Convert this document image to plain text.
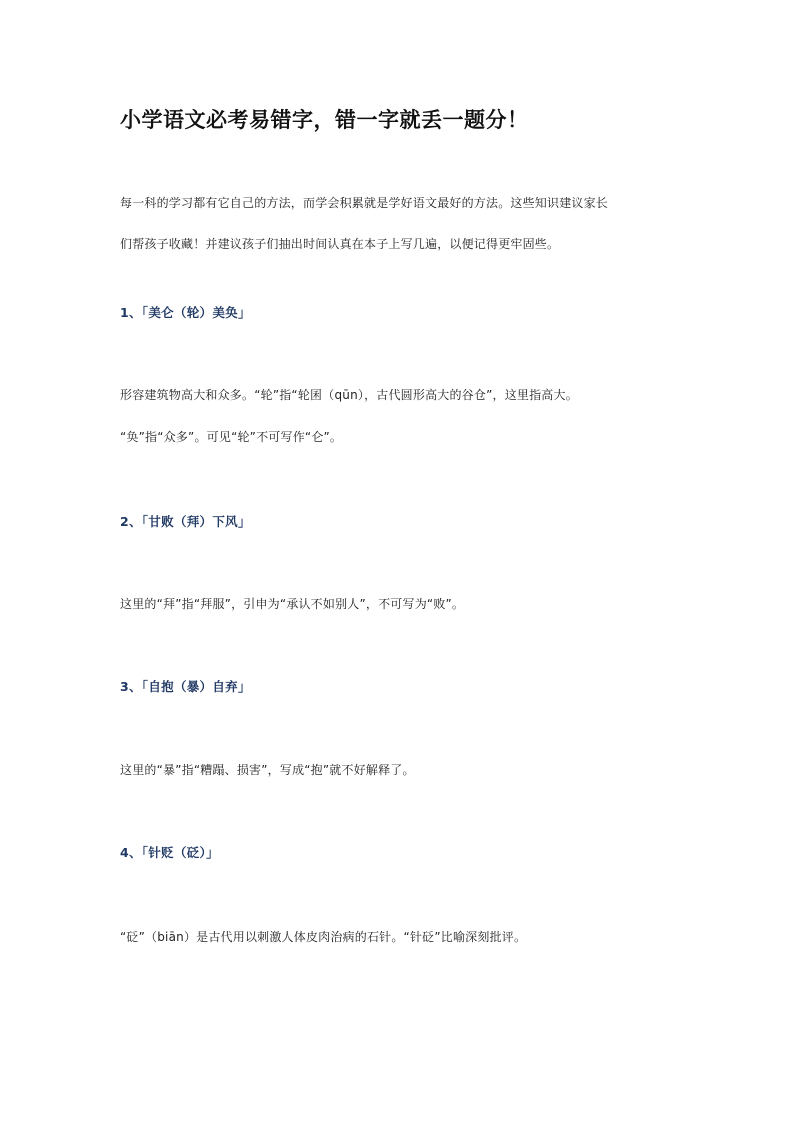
小学语文必考易错字，错一字就丢一题分！
每一科的学习都有它自己的方法，而学会积累就是学好语文最好的方法。这些知识建议家长
们帮孩子收藏！并建议孩子们抽出时间认真在本子上写几遍，以便记得更牢固些。
1、「美仑（轮）美奂」
形容建筑物高大和众多。“轮”指“轮囷（qūn），古代圆形高大的谷仓”，这里指高大。
“奂”指“众多”。可见“轮”不可写作“仑”。
2、「甘败（拜）下风」
这里的“拜”指“拜服”，引申为“承认不如别人”，不可写为“败”。
3、「自抱（暴）自弃」
这里的“暴”指“糟蹋、损害”，写成“抱”就不好解释了。
4、「针贬（砭）」
“砭”（biān）是古代用以刺激人体皮肉治病的石针。“针砭”比喻深刻批评。
